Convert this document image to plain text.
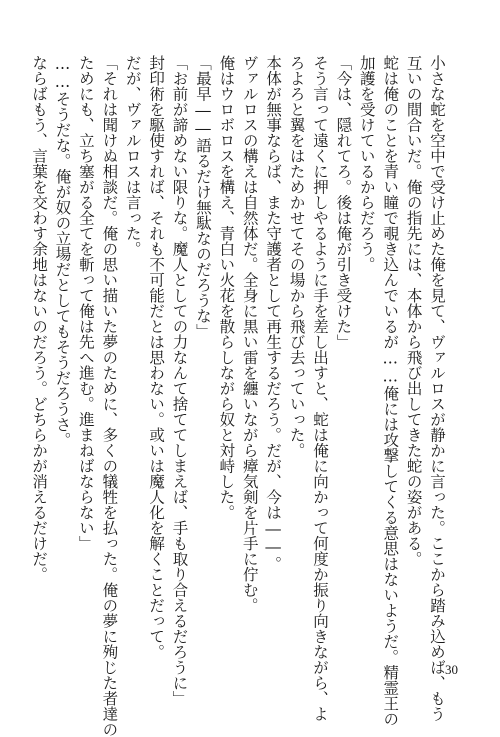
小さな蛇を空中で受け止めた俺を見て、ヴァルロスが静かに言った。ここから踏み込めば、もう
互いの間合いだ。俺の指先には、本体から飛び出してきた蛇の姿がある。
蛇は俺のことを青い瞳で覗き込んでいるが……俺には攻撃してくる意思はないようだ。精霊王の
加護を受けているからだろう。
「今は、隠れてろ。後は俺が引き受けた」
そう言って遠くに押しやるように手を差し出すと、蛇は俺に向かって何度か振り向きながら、よ
ろよろと翼をはためかせてその場から飛び去っていった。
本体が無事ならば、また守護者として再生するだろう。だが、今は――。
ヴァルロスの構えは自然体だ。全身に黒い雷を纏いながら瘴気剣を片手に佇む。
俺はウロボロスを構え、青白い火花を散らしながら奴と対峙した。
「最早――語るだけ無駄なのだろうな」
「お前が諦めない限りな。魔人としての力なんて捨ててしまえば、手も取り合えるだろうに」
封印術を駆使すれば、それも不可能だとは思わない。或いは魔人化を解くことだって。
だが、ヴァルロスは言った。
「それは聞けぬ相談だ。俺の思い描いた夢のために、多くの犠牲を払った。俺の夢に殉じた者達の
ためにも、立ち塞がる全てを斬って俺は先へ進む。進まねばならない」
……そうだな。俺が奴の立場だとしてもそうだろうさ。
ならばもう、言葉を交わす余地はないのだろう。どちらかが消えるだけだ。
30
